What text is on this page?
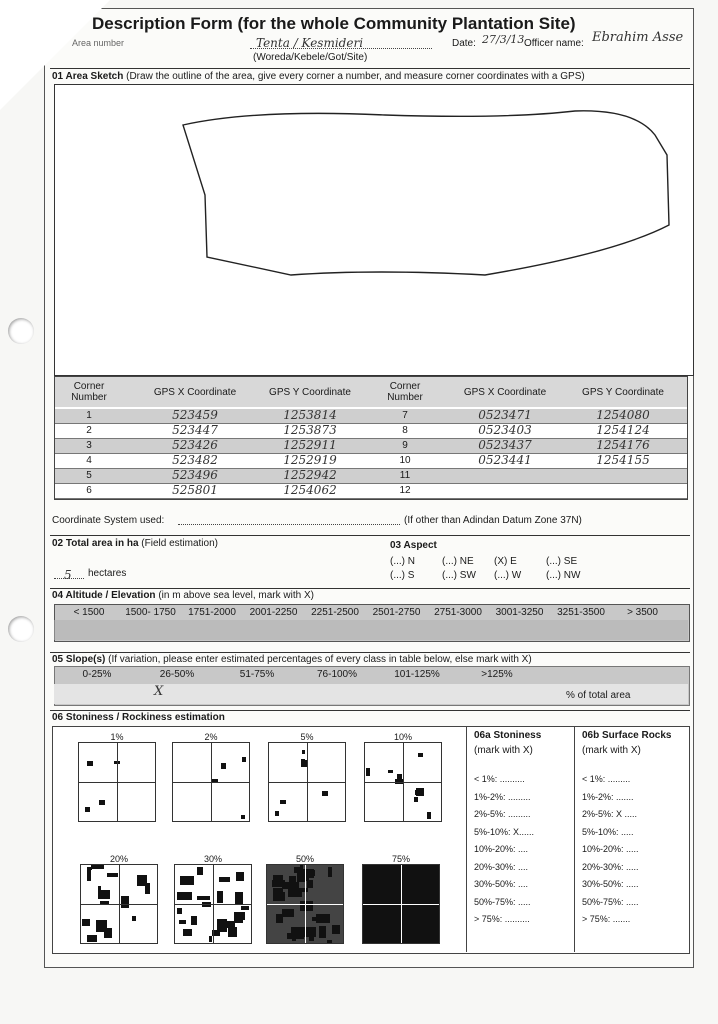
Description Form (for the whole Community Plantation Site)
Area number	Tenta / Kesmideri
(Woreda/Kebele/Got/Site)
Date: 27/3/13 Officer name: Ebrahim Asse
01 Area Sketch (Draw the outline of the area, give every corner a number, and measure corner coordinates with a GPS)
Corner Number	GPS X Coordinate	GPS Y Coordinate
Corner Number	GPS X Coordinate	GPS Y Coordinate
1	523459	1253814	7	0523471	1254080
2	523447	1253873	8	0523403	1254124
3	523426	1252911	9	0523437	1254176
4	523482	1252919	10	0523441	1254155
5	523496	1252942	11
6	525801	1254062	12
Coordinate System used:	(If other than Adindan Datum Zone 37N)
02 Total area in ha (Field estimation)
5	hectares
03 Aspect
04 Altitude / Elevation (in m above sea level, mark with X)
05 Slope(s) (If variation, please enter estimated percentages of every class in table below, else mark with X)
X	% of total area
06 Stoniness / Rockiness estimation
06a Stoniness
(mark with X)
06b Surface Rocks
(mark with X)
(...) N	(...) NE (X) E	(...) SE
(...) S	(...) SW (...) W (...) NW
< 1500	1500- 1750	1751-2000	2001-2250	2251-2500	2501-2750	2751-3000	3001-3250	3251-3500	> 3500
0-25%	26-50%	51-75%	76-100%	101-125%	>125%
1%	2%	5%	10%
20%	30%	50%	75%
< 1%: ..........
1%-2%: .........
2%-5%: .........
5%-10%: X......
10%-20%: ....
20%-30%: ....
30%-50%: ....
50%-75%: .....
> 75%: ..........
< 1%: .........
1%-2%: .......
2%-5%: X .....
5%-10%: .....
10%-20%: .....
20%-30%: .....
30%-50%: .....
50%-75%: .....
> 75%: .......
